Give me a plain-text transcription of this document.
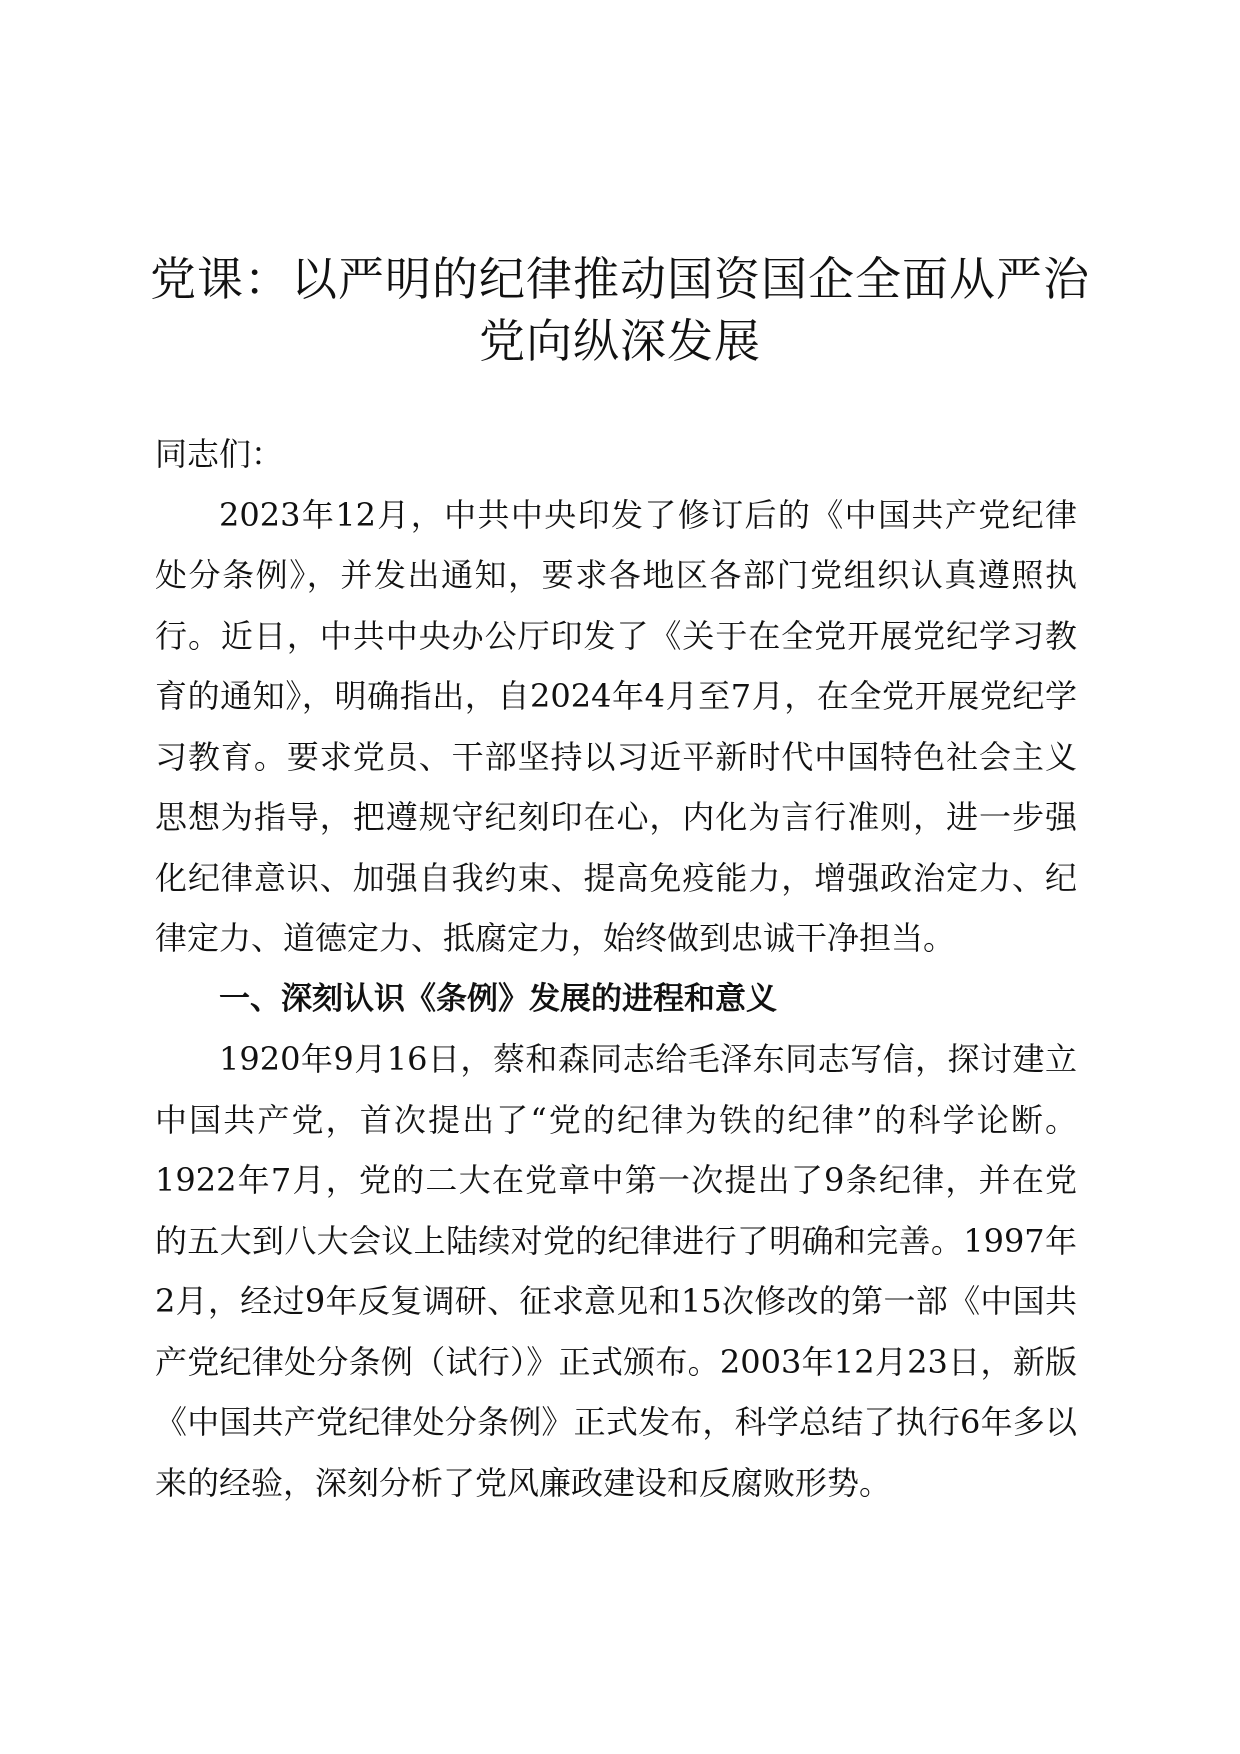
党课：以严明的纪律推动国资国企全面从严治
党向纵深发展

同志们：

2023年12月，中共中央印发了修订后的《中国共产党纪律处分条例》，并发出通知，要求各地区各部门党组织认真遵照执行。近日，中共中央办公厅印发了《关于在全党开展党纪学习教育的通知》，明确指出，自2024年4月至7月，在全党开展党纪学习教育。要求党员、干部坚持以习近平新时代中国特色社会主义思想为指导，把遵规守纪刻印在心，内化为言行准则，进一步强化纪律意识、加强自我约束、提高免疫能力，增强政治定力、纪律定力、道德定力、抵腐定力，始终做到忠诚干净担当。

一、深刻认识《条例》发展的进程和意义

1920年9月16日，蔡和森同志给毛泽东同志写信，探讨建立中国共产党，首次提出了“党的纪律为铁的纪律”的科学论断。1922年7月，党的二大在党章中第一次提出了9条纪律，并在党的五大到八大会议上陆续对党的纪律进行了明确和完善。1997年2月，经过9年反复调研、征求意见和15次修改的第一部《中国共产党纪律处分条例（试行）》正式颁布。2003年12月23日，新版《中国共产党纪律处分条例》正式发布，科学总结了执行6年多以来的经验，深刻分析了党风廉政建设和反腐败形势。
